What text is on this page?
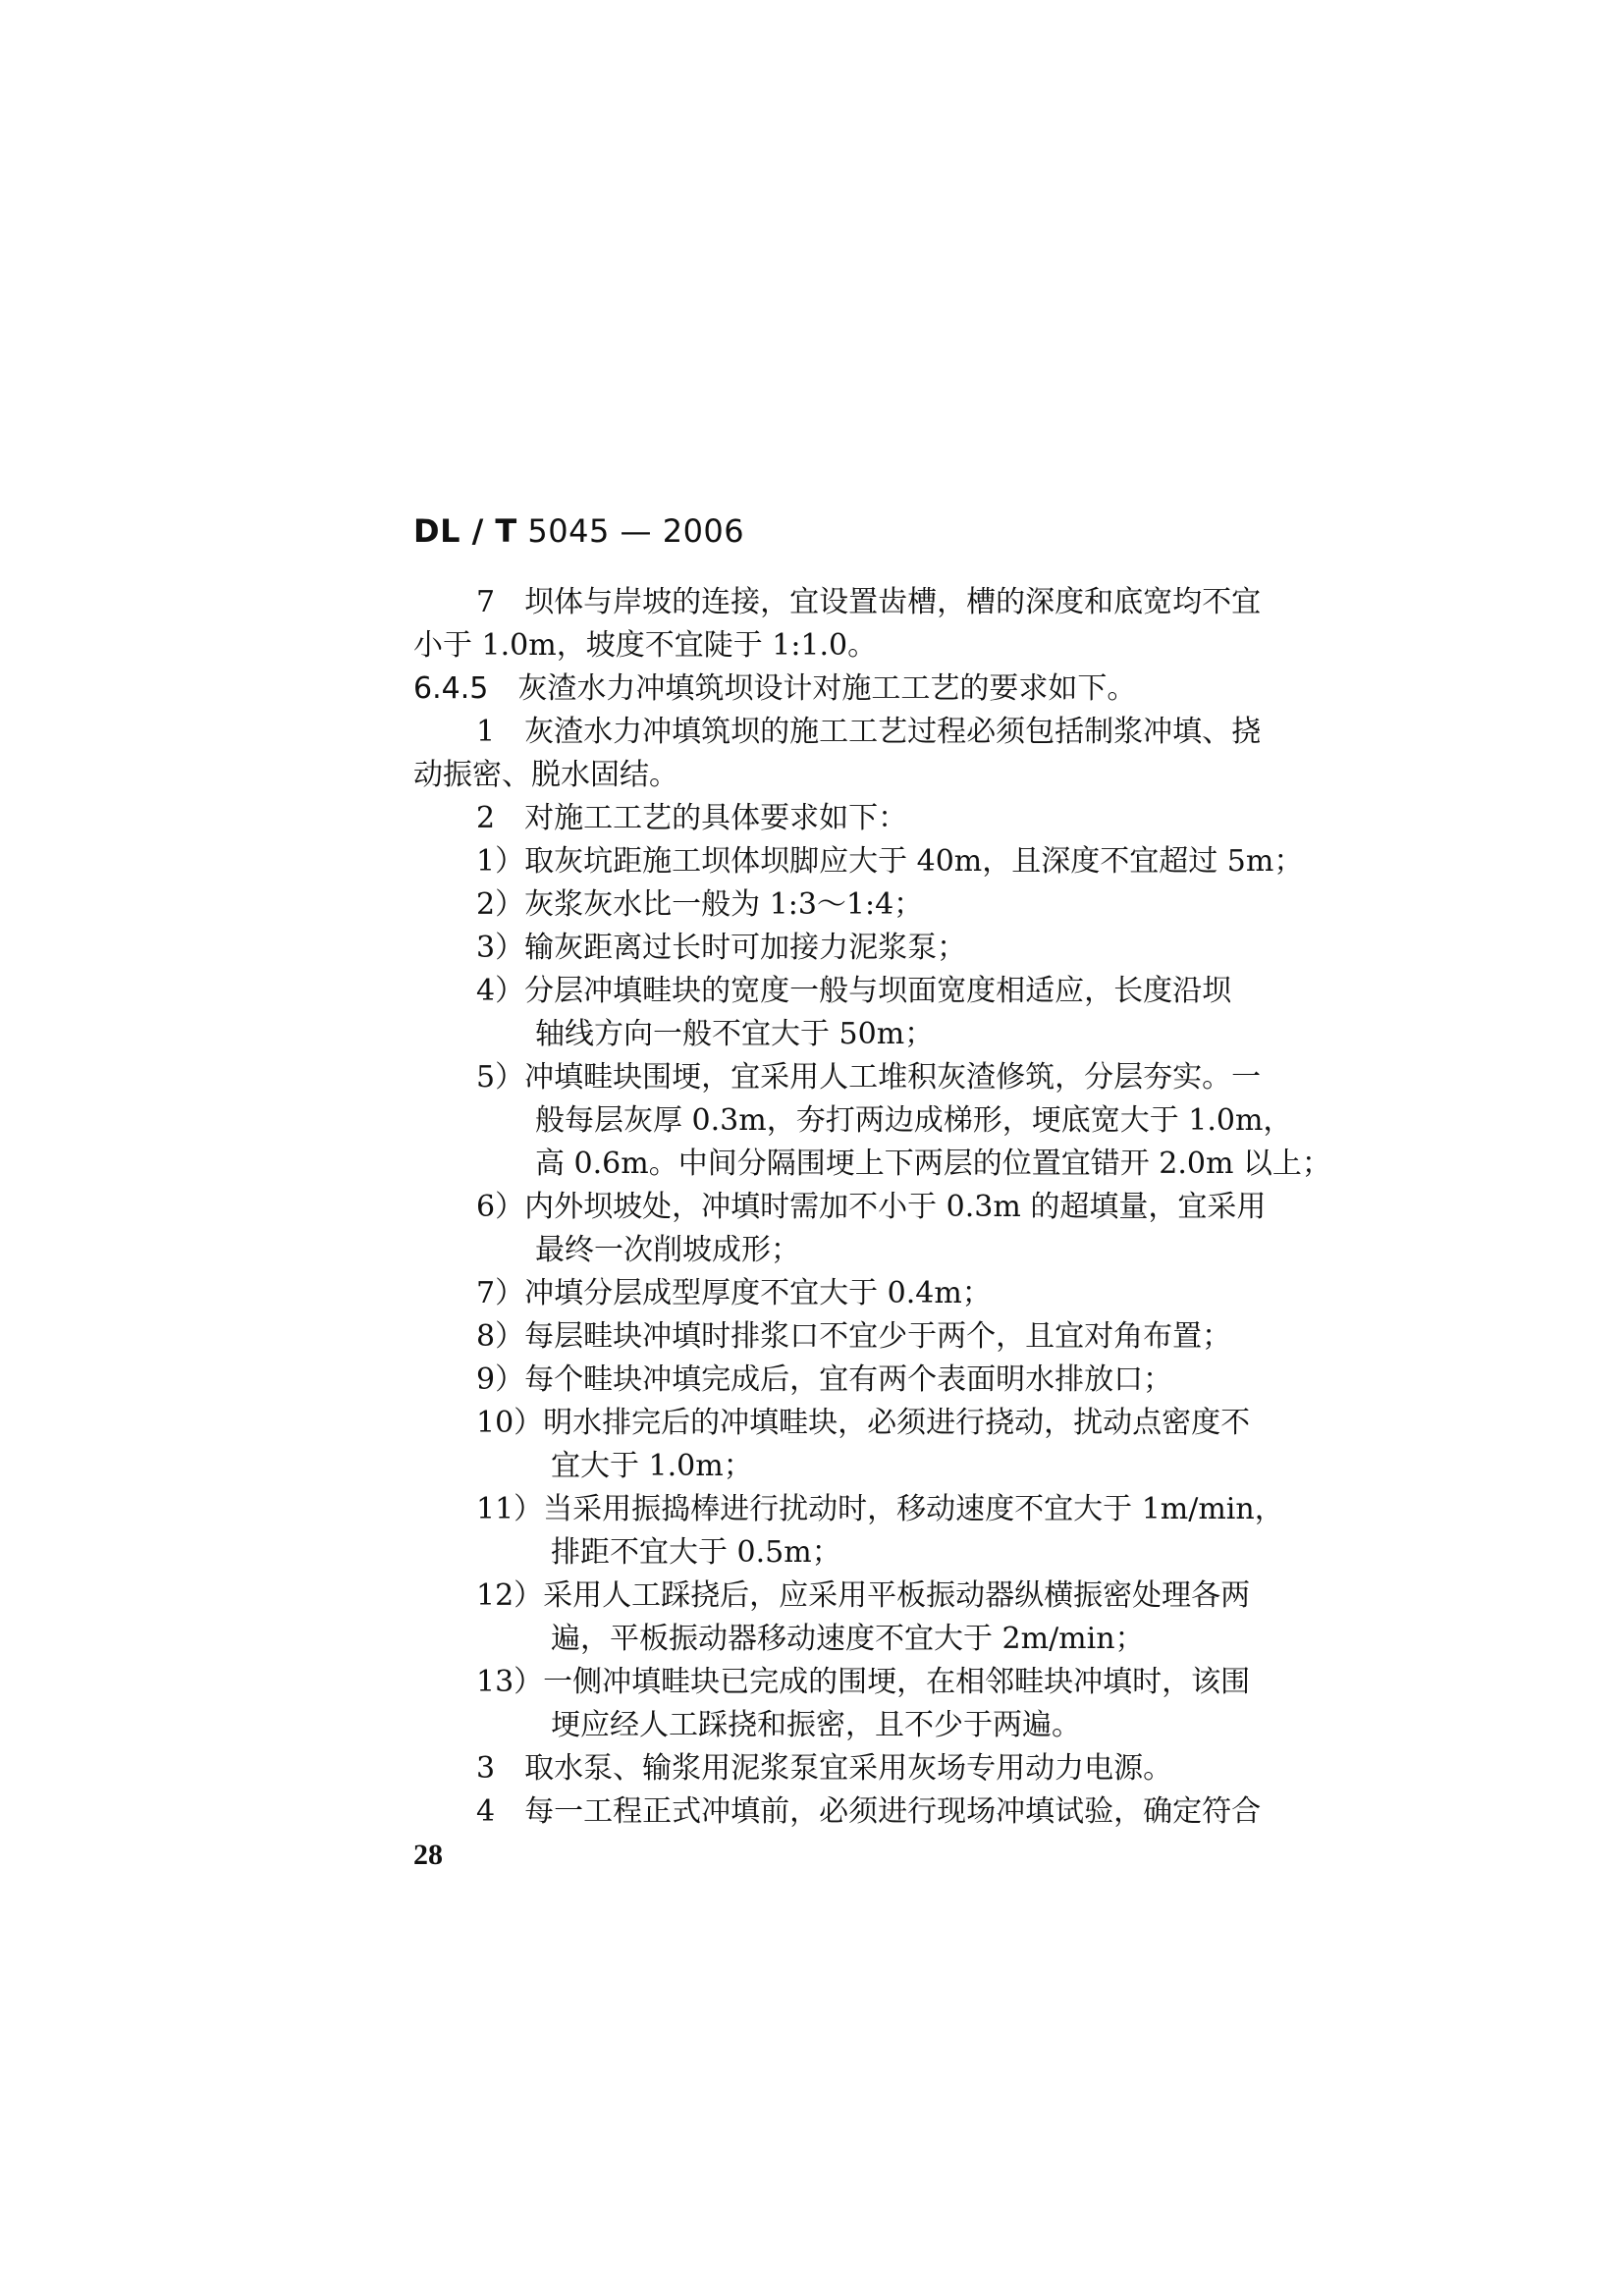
DL / T 5045 — 2006
7　坝体与岸坡的连接，宜设置齿槽，槽的深度和底宽均不宜
小于 1.0m，坡度不宜陡于 1:1.0。
6.4.5　灰渣水力冲填筑坝设计对施工工艺的要求如下。
1　灰渣水力冲填筑坝的施工工艺过程必须包括制浆冲填、挠
动振密、脱水固结。
2　对施工工艺的具体要求如下：
1）取灰坑距施工坝体坝脚应大于 40m，且深度不宜超过 5m；
2）灰浆灰水比一般为 1:3～1:4；
3）输灰距离过长时可加接力泥浆泵；
4）分层冲填畦块的宽度一般与坝面宽度相适应，长度沿坝
轴线方向一般不宜大于 50m；
5）冲填畦块围埂，宜采用人工堆积灰渣修筑，分层夯实。一
般每层灰厚 0.3m，夯打两边成梯形，埂底宽大于 1.0m，
高 0.6m。中间分隔围埂上下两层的位置宜错开 2.0m 以上；
6）内外坝坡处，冲填时需加不小于 0.3m 的超填量，宜采用
最终一次削坡成形；
7）冲填分层成型厚度不宜大于 0.4m；
8）每层畦块冲填时排浆口不宜少于两个，且宜对角布置；
9）每个畦块冲填完成后，宜有两个表面明水排放口；
10）明水排完后的冲填畦块，必须进行挠动，扰动点密度不
宜大于 1.0m；
11）当采用振捣棒进行扰动时，移动速度不宜大于 1m/min，
排距不宜大于 0.5m；
12）采用人工踩挠后，应采用平板振动器纵横振密处理各两
遍，平板振动器移动速度不宜大于 2m/min；
13）一侧冲填畦块已完成的围埂，在相邻畦块冲填时，该围
埂应经人工踩挠和振密，且不少于两遍。
3　取水泵、输浆用泥浆泵宜采用灰场专用动力电源。
4　每一工程正式冲填前，必须进行现场冲填试验，确定符合
28
